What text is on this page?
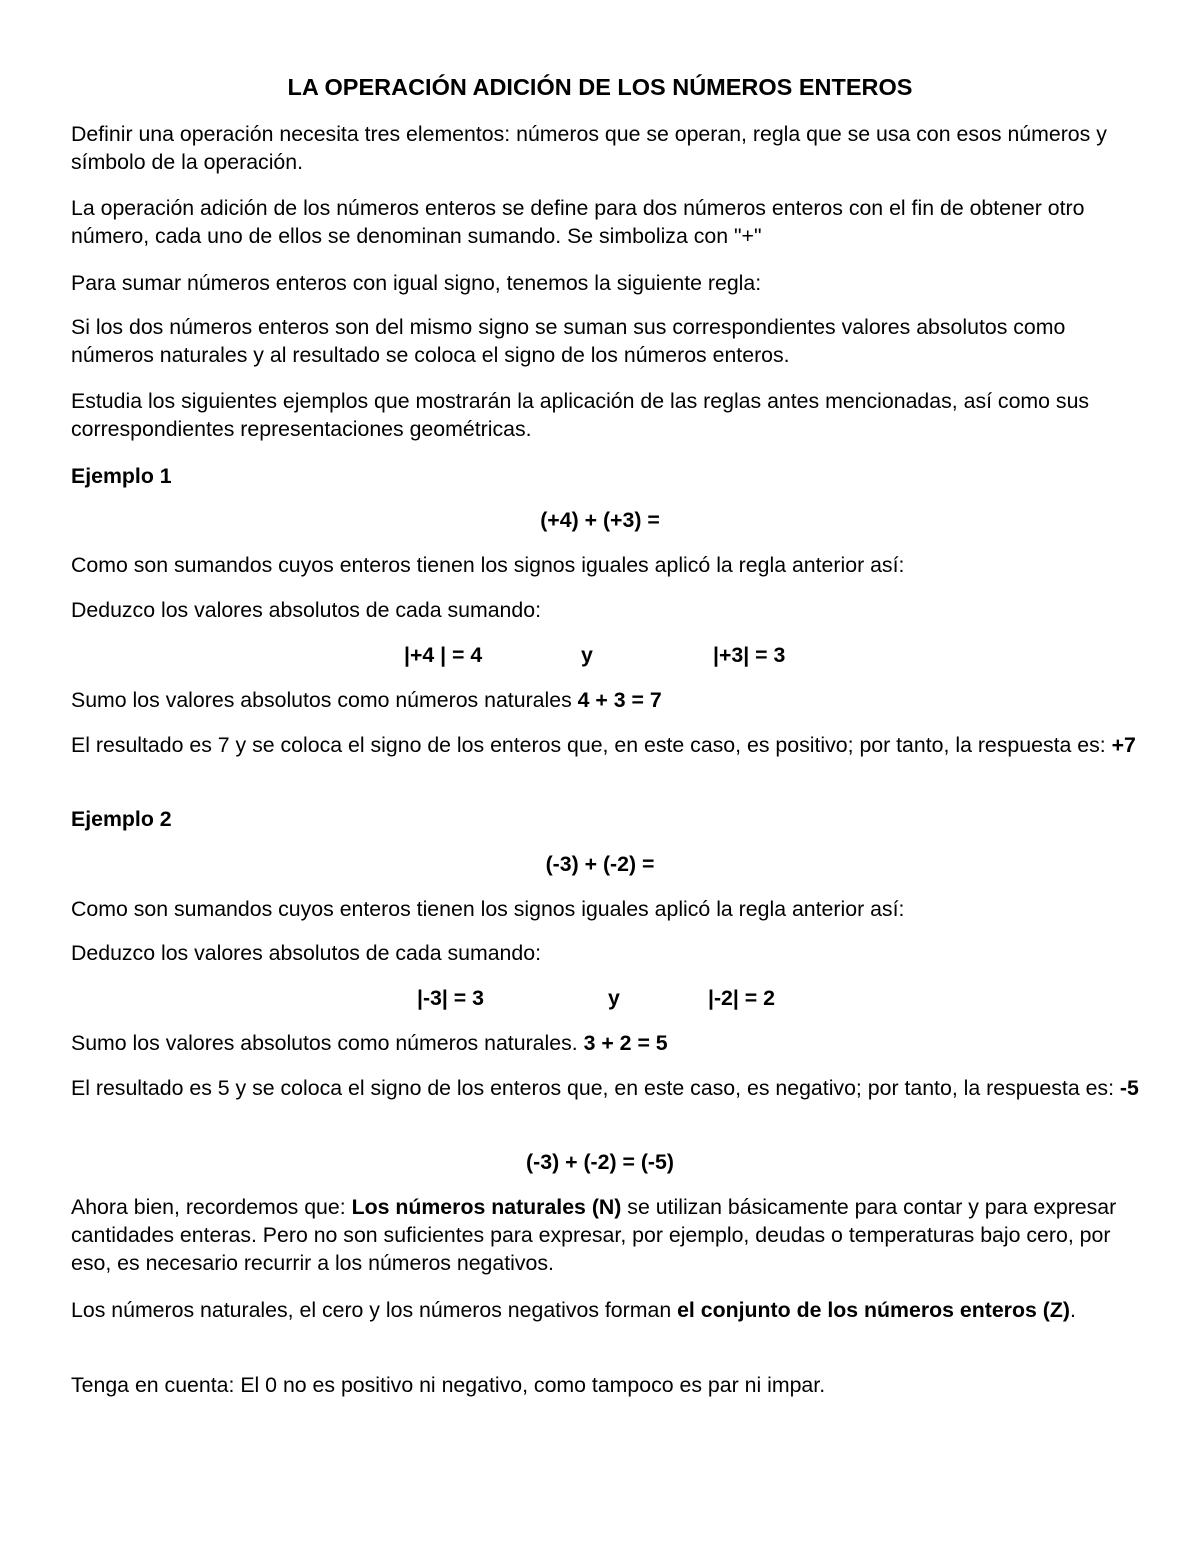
LA OPERACIÓN ADICIÓN DE LOS NÚMEROS ENTEROS

Definir una operación necesita tres elementos: números que se operan, regla que se usa con esos números y símbolo de la operación.

La operación adición de los números enteros se define para dos números enteros con el fin de obtener otro número, cada uno de ellos se denominan sumando. Se simboliza con "+"

Para sumar números enteros con igual signo, tenemos la siguiente regla:

Si los dos números enteros son del mismo signo se suman sus correspondientes valores absolutos como números naturales y al resultado se coloca el signo de los números enteros.

Estudia los siguientes ejemplos que mostrarán la aplicación de las reglas antes mencionadas, así como sus correspondientes representaciones geométricas.

Ejemplo 1

(+4) + (+3) =

Como son sumandos cuyos enteros tienen los signos iguales aplicó la regla anterior así:

Deduzco los valores absolutos de cada sumando:

|+4 | = 4	y	|+3| = 3

Sumo los valores absolutos como números naturales 4 + 3 = 7

El resultado es 7 y se coloca el signo de los enteros que, en este caso, es positivo; por tanto, la respuesta es: +7

Ejemplo 2

(-3) + (-2) =

Como son sumandos cuyos enteros tienen los signos iguales aplicó la regla anterior así:

Deduzco los valores absolutos de cada sumando:

|-3| = 3	y	|-2| = 2

Sumo los valores absolutos como números naturales. 3 + 2 = 5

El resultado es 5 y se coloca el signo de los enteros que, en este caso, es negativo; por tanto, la respuesta es: -5

(-3) + (-2) = (-5)

Ahora bien, recordemos que: Los números naturales (N) se utilizan básicamente para contar y para expresar cantidades enteras. Pero no son suficientes para expresar, por ejemplo, deudas o temperaturas bajo cero, por eso, es necesario recurrir a los números negativos.

Los números naturales, el cero y los números negativos forman el conjunto de los números enteros (Z).

Tenga en cuenta: El 0 no es positivo ni negativo, como tampoco es par ni impar.
